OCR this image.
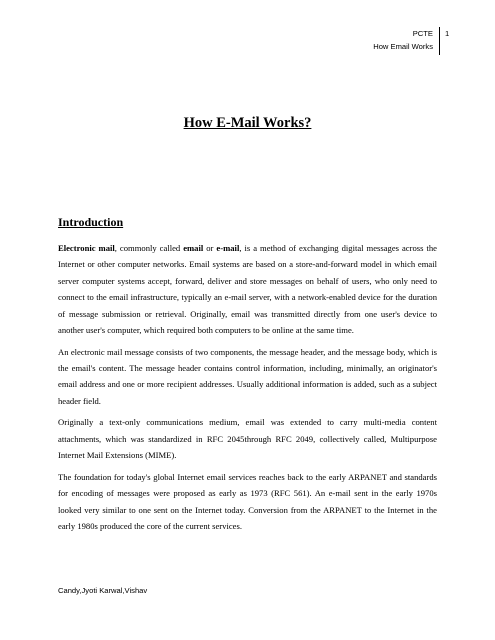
PCTE
How Email Works
1
How E-Mail Works?
Introduction

Electronic mail, commonly called email or e-mail, is a method of exchanging digital messages across the Internet or other computer networks. Email systems are based on a store-and-forward model in which email server computer systems accept, forward, deliver and store messages on behalf of users, who only need to connect to the email infrastructure, typically an e-mail server, with a network-enabled device for the duration of message submission or retrieval. Originally, email was transmitted directly from one user's device to another user's computer, which required both computers to be online at the same time.

An electronic mail message consists of two components, the message header, and the message body, which is the email's content. The message header contains control information, including, minimally, an originator's email address and one or more recipient addresses. Usually additional information is added, such as a subject header field.

Originally a text-only communications medium, email was extended to carry multi-media content attachments, which was standardized in RFC 2045through RFC 2049, collectively called, Multipurpose Internet Mail Extensions (MIME).

The foundation for today's global Internet email services reaches back to the early ARPANET and standards for encoding of messages were proposed as early as 1973 (RFC 561). An e-mail sent in the early 1970s looked very similar to one sent on the Internet today. Conversion from the ARPANET to the Internet in the early 1980s produced the core of the current services.

Candy,Jyoti Karwal,Vishav
